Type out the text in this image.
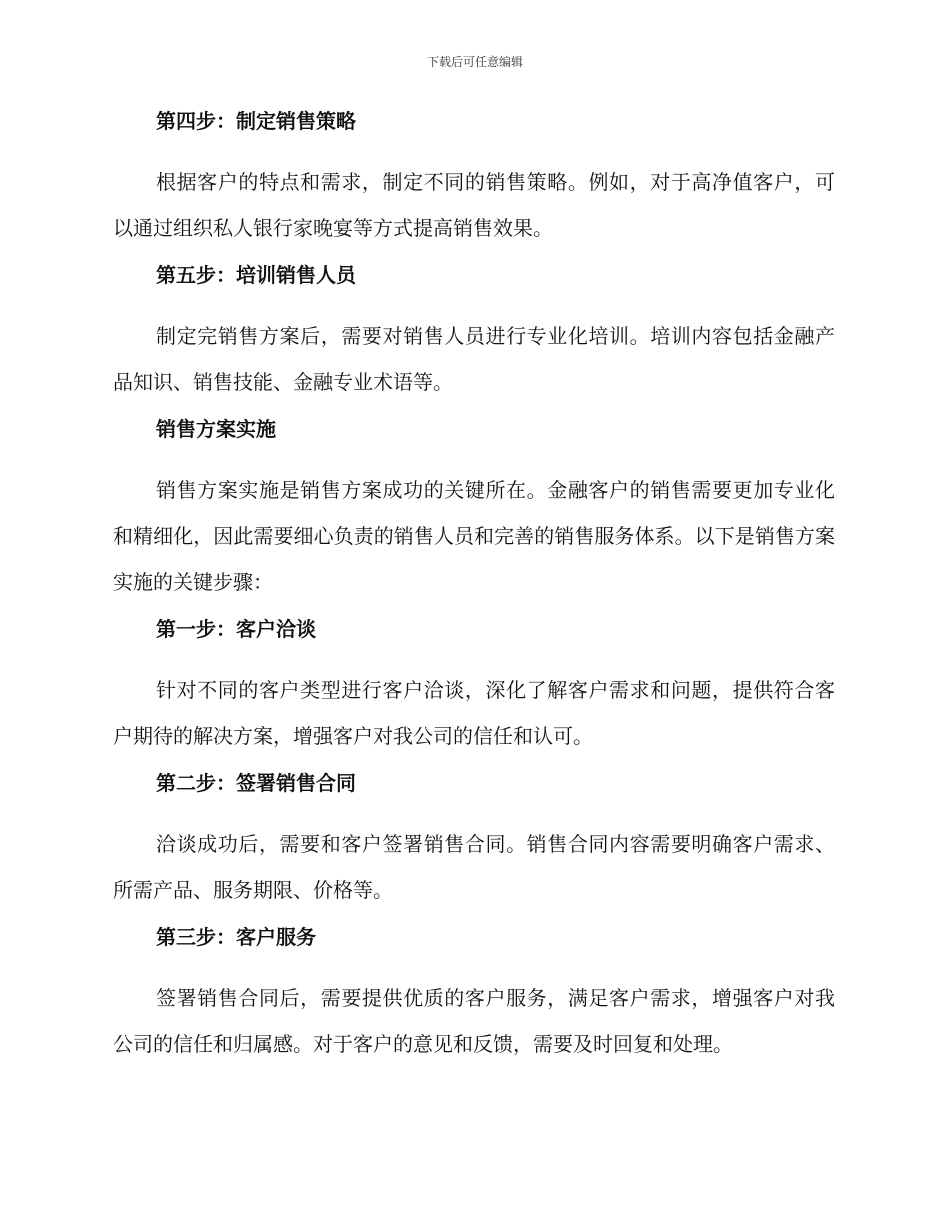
下载后可任意编辑
第四步：制定销售策略
根据客户的特点和需求，制定不同的销售策略。例如，对于高净值客户，可以通过组织私人银行家晚宴等方式提高销售效果。
第五步：培训销售人员
制定完销售方案后，需要对销售人员进行专业化培训。培训内容包括金融产品知识、销售技能、金融专业术语等。
销售方案实施
销售方案实施是销售方案成功的关键所在。金融客户的销售需要更加专业化和精细化，因此需要细心负责的销售人员和完善的销售服务体系。以下是销售方案实施的关键步骤：
第一步：客户洽谈
针对不同的客户类型进行客户洽谈，深化了解客户需求和问题，提供符合客户期待的解决方案，增强客户对我公司的信任和认可。
第二步：签署销售合同
洽谈成功后，需要和客户签署销售合同。销售合同内容需要明确客户需求、所需产品、服务期限、价格等。
第三步：客户服务
签署销售合同后，需要提供优质的客户服务，满足客户需求，增强客户对我公司的信任和归属感。对于客户的意见和反馈，需要及时回复和处理。
